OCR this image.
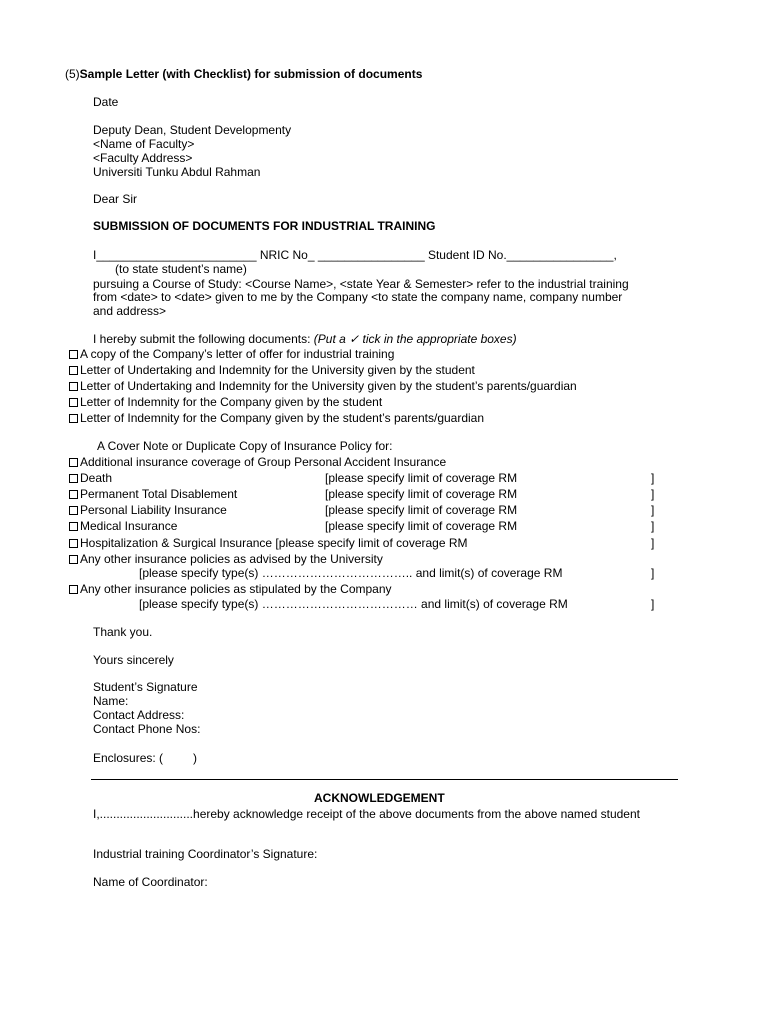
(5)Sample Letter (with Checklist) for submission of documents
Date
Deputy Dean, Student Developmenty
<Name of Faculty>
<Faculty Address>
Universiti Tunku Abdul Rahman
Dear Sir
SUBMISSION OF DOCUMENTS FOR INDUSTRIAL TRAINING
I________________________ NRIC No_ ________________ Student ID No.________________,
(to state student’s name)
pursuing a Course of Study: <Course Name>, <state Year & Semester> refer to the industrial training
from <date> to <date> given to me by the Company <to state the company name, company number
and address>
I hereby submit the following documents: (Put a ✓ tick in the appropriate boxes)
A copy of the Company’s letter of offer for industrial training
Letter of Undertaking and Indemnity for the University given by the student
Letter of Undertaking and Indemnity for the University given by the student’s parents/guardian
Letter of Indemnity for the Company given by the student
Letter of Indemnity for the Company given by the student’s parents/guardian
A Cover Note or Duplicate Copy of Insurance Policy for:
Additional insurance coverage of Group Personal Accident Insurance
Death	[please specify limit of coverage RM	]
Permanent Total Disablement	[please specify limit of coverage RM	]
Personal Liability Insurance	[please specify limit of coverage RM	]
Medical Insurance	[please specify limit of coverage RM	]
Hospitalization & Surgical Insurance [please specify limit of coverage RM	]
Any other insurance policies as advised by the University
[please specify type(s) ……………………………….. and limit(s) of coverage RM	]
Any other insurance policies as stipulated by the Company
[please specify type(s) ………………………………… and limit(s) of coverage RM	]
Thank you.
Yours sincerely
Student’s Signature
Name:
Contact Address:
Contact Phone Nos:
Enclosures: (         )
ACKNOWLEDGEMENT
I,............................hereby acknowledge receipt of the above documents from the above named student
Industrial training Coordinator’s Signature:
Name of Coordinator:
